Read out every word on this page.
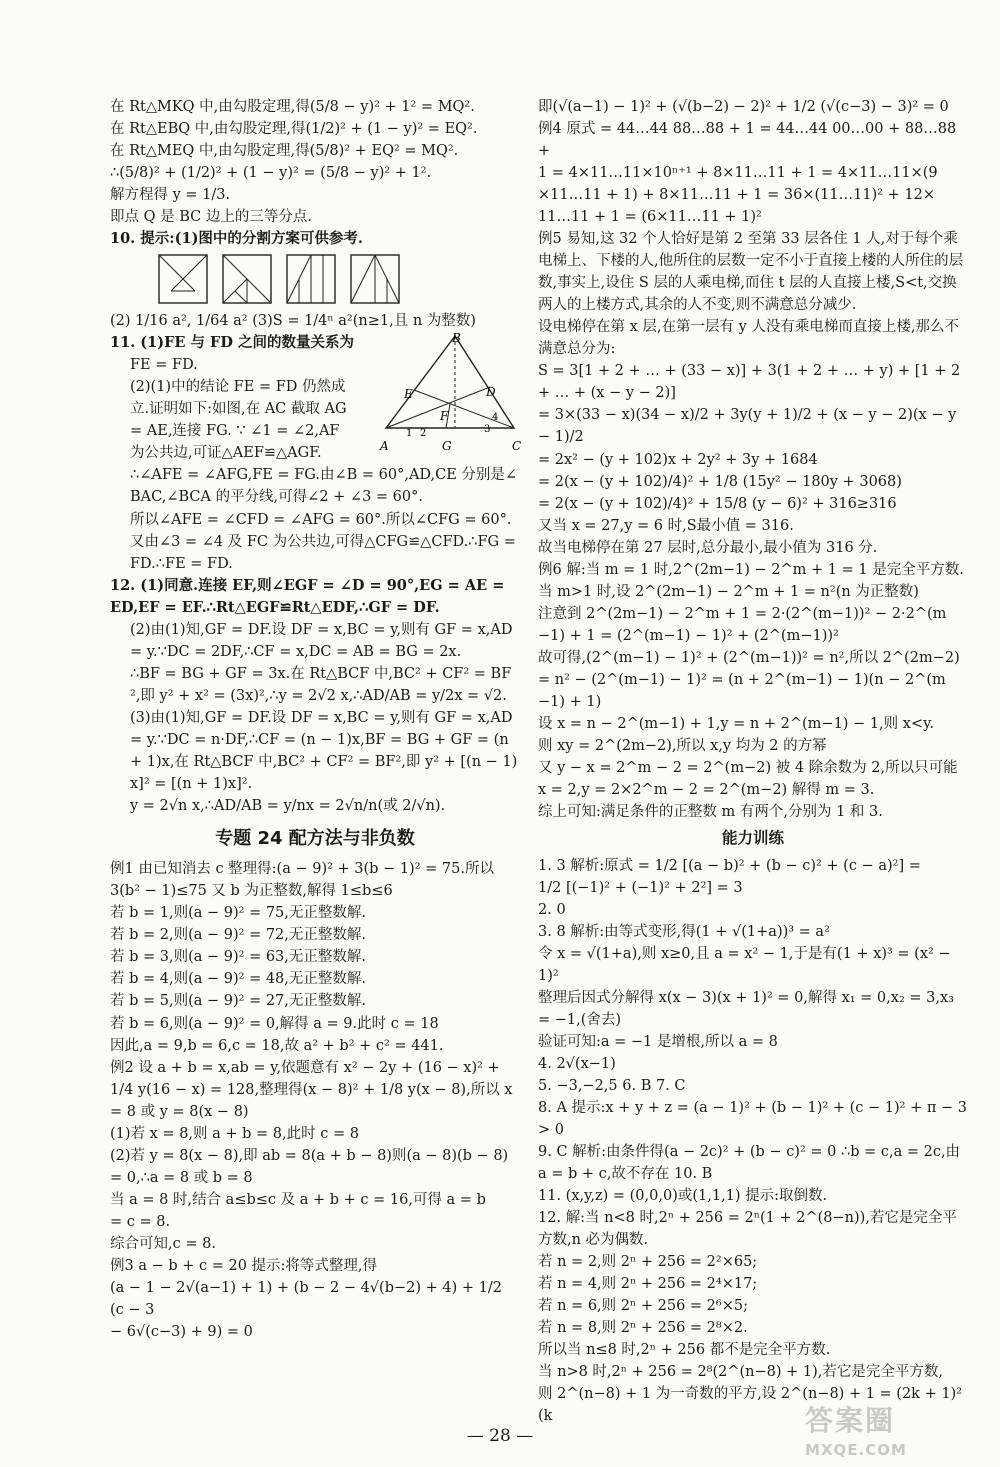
在 Rt△MKQ 中,由勾股定理,得(5/8 − y)² + 1² = MQ².

在 Rt△EBQ 中,由勾股定理,得(1/2)² + (1 − y)² = EQ².

在 Rt△MEQ 中,由勾股定理,得(5/8)² + EQ² = MQ².

∴(5/8)² + (1/2)² + (1 − y)² = (5/8 − y)² + 1².

解方程得 y = 1/3.

即点 Q 是 BC 边上的三等分点.

10. 提示:(1)图中的分割方案可供参考.

(2) 1/16 a², 1/64 a² (3)S = 1/4ⁿ a²(n≥1,且 n 为整数)

B
E
F
D
A	G	C
1 2	3
4

11. (1)FE 与 FD 之间的数量关系为

FE = FD.

(2)(1)中的结论 FE = FD 仍然成

立.证明如下:如图,在 AC 截取 AG

= AE,连接 FG. ∵ ∠1 = ∠2,AF

为公共边,可证△AEF≌△AGF.

∴∠AFE = ∠AFG,FE = FG.由∠B = 60°,AD,CE 分别是∠BAC,∠BCA 的平分线,可得∠2 + ∠3 = 60°.

所以∠AFE = ∠CFD = ∠AFG = 60°.所以∠CFG = 60°.又由∠3 = ∠4 及 FC 为公共边,可得△CFG≌△CFD.∴FG = FD.∴FE = FD.

12. (1)同意.连接 EF,则∠EGF = ∠D = 90°,EG = AE = ED,EF = EF.∴Rt△EGF≌Rt△EDF,∴GF = DF.

(2)由(1)知,GF = DF.设 DF = x,BC = y,则有 GF = x,AD = y.∵DC = 2DF,∴CF = x,DC = AB = BG = 2x.

∴BF = BG + GF = 3x.在 Rt△BCF 中,BC² + CF² = BF²,即 y² + x² = (3x)²,∴y = 2√2 x,∴AD/AB = y/2x = √2.

(3)由(1)知,GF = DF.设 DF = x,BC = y,则有 GF = x,AD = y.∵DC = n·DF,∴CF = (n − 1)x,BF = BG + GF = (n + 1)x,在 Rt△BCF 中,BC² + CF² = BF²,即 y² + [(n − 1)x]² = [(n + 1)x]².

y = 2√n x,∴AD/AB = y/nx = 2√n/n(或 2/√n).

专题 24 配方法与非负数

例1 由已知消去 c 整理得:(a − 9)² + 3(b − 1)² = 75.所以

3(b² − 1)≤75 又 b 为正整数,解得 1≤b≤6

若 b = 1,则(a − 9)² = 75,无正整数解.

若 b = 2,则(a − 9)² = 72,无正整数解.

若 b = 3,则(a − 9)² = 63,无正整数解.

若 b = 4,则(a − 9)² = 48,无正整数解.

若 b = 5,则(a − 9)² = 27,无正整数解.

若 b = 6,则(a − 9)² = 0,解得 a = 9.此时 c = 18

因此,a = 9,b = 6,c = 18,故 a² + b² + c² = 441.

例2 设 a + b = x,ab = y,依题意有 x² − 2y + (16 − x)² +

1/4 y(16 − x) = 128,整理得(x − 8)² + 1/8 y(x − 8),所以 x

= 8 或 y = 8(x − 8)

(1)若 x = 8,则 a + b = 8,此时 c = 8

(2)若 y = 8(x − 8),即 ab = 8(a + b − 8)则(a − 8)(b − 8)

= 0,∴a = 8 或 b = 8

当 a = 8 时,结合 a≤b≤c 及 a + b + c = 16,可得 a = b

= c = 8.

综合可知,c = 8.

例3 a − b + c = 20 提示:将等式整理,得

(a − 1 − 2√(a−1) + 1) + (b − 2 − 4√(b−2) + 4) + 1/2 (c − 3

− 6√(c−3) + 9) = 0

即(√(a−1) − 1)² + (√(b−2) − 2)² + 1/2 (√(c−3) − 3)² = 0

例4 原式 = 44…44 88…88 + 1 = 44…44 00…00 + 88…88 +

1 = 4×11…11×10ⁿ⁺¹ + 8×11…11 + 1 = 4×11…11×(9

×11…11 + 1) + 8×11…11 + 1 = 36×(11…11)² + 12×

11…11 + 1 = (6×11…11 + 1)²

例5 易知,这 32 个人恰好是第 2 至第 33 层各住 1 人,对于每个乘电梯上、下楼的人,他所住的层数一定不小于直接上楼的人所住的层数,事实上,设住 S 层的人乘电梯,而住 t 层的人直接上楼,S<t,交换两人的上楼方式,其余的人不变,则不满意总分减少.

设电梯停在第 x 层,在第一层有 y 人没有乘电梯而直接上楼,那么不满意总分为:

S = 3[1 + 2 + … + (33 − x)] + 3(1 + 2 + … + y) + [1 + 2 + … + (x − y − 2)]

= 3×(33 − x)(34 − x)/2 + 3y(y + 1)/2 + (x − y − 2)(x − y − 1)/2

= 2x² − (y + 102)x + 2y² + 3y + 1684

= 2(x − (y + 102)/4)² + 1/8 (15y² − 180y + 3068)

= 2(x − (y + 102)/4)² + 15/8 (y − 6)² + 316≥316

又当 x = 27,y = 6 时,S最小值 = 316.

故当电梯停在第 27 层时,总分最小,最小值为 316 分.

例6 解:当 m = 1 时,2^(2m−1) − 2^m + 1 = 1 是完全平方数.

当 m>1 时,设 2^(2m−1) − 2^m + 1 = n²(n 为正整数)

注意到 2^(2m−1) − 2^m + 1 = 2·(2^(m−1))² − 2·2^(m−1) + 1 = (2^(m−1) − 1)² + (2^(m−1))²

故可得,(2^(m−1) − 1)² + (2^(m−1))² = n²,所以 2^(2m−2) = n² − (2^(m−1) − 1)² = (n + 2^(m−1) − 1)(n − 2^(m−1) + 1)

设 x = n − 2^(m−1) + 1,y = n + 2^(m−1) − 1,则 x<y.

则 xy = 2^(2m−2),所以 x,y 均为 2 的方幂

又 y − x = 2^m − 2 = 2^(m−2) 被 4 除余数为 2,所以只可能 x = 2,y = 2×2^m − 2 = 2^(m−2) 解得 m = 3.

综上可知:满足条件的正整数 m 有两个,分别为 1 和 3.

能力训练

1. 3 解析:原式 = 1/2 [(a − b)² + (b − c)² + (c − a)²] =

1/2 [(−1)² + (−1)² + 2²] = 3

2. 0

3. 8 解析:由等式变形,得(1 + √(1+a))³ = a²

令 x = √(1+a),则 x≥0,且 a = x² − 1,于是有(1 + x)³ = (x² − 1)²

整理后因式分解得 x(x − 3)(x + 1)² = 0,解得 x₁ = 0,x₂ = 3,x₃ = −1,(舍去)

验证可知:a = −1 是增根,所以 a = 8

4. 2√(x−1)

5. −3,−2,5 6. B 7. C

8. A 提示:x + y + z = (a − 1)² + (b − 1)² + (c − 1)² + π − 3 > 0

9. C 解析:由条件得(a − 2c)² + (b − c)² = 0 ∴b = c,a = 2c,由 a = b + c,故不存在 10. B

11. (x,y,z) = (0,0,0)或(1,1,1) 提示:取倒数.

12. 解:当 n<8 时,2ⁿ + 256 = 2ⁿ(1 + 2^(8−n)),若它是完全平方数,n 必为偶数.

若 n = 2,则 2ⁿ + 256 = 2²×65;

若 n = 4,则 2ⁿ + 256 = 2⁴×17;

若 n = 6,则 2ⁿ + 256 = 2⁶×5;

若 n = 8,则 2ⁿ + 256 = 2⁸×2.

所以当 n≤8 时,2ⁿ + 256 都不是完全平方数.

当 n>8 时,2ⁿ + 256 = 2⁸(2^(n−8) + 1),若它是完全平方数,

则 2^(n−8) + 1 为一奇数的平方,设 2^(n−8) + 1 = (2k + 1)²(k

— 28 —	答案圈
MXQE.COM
